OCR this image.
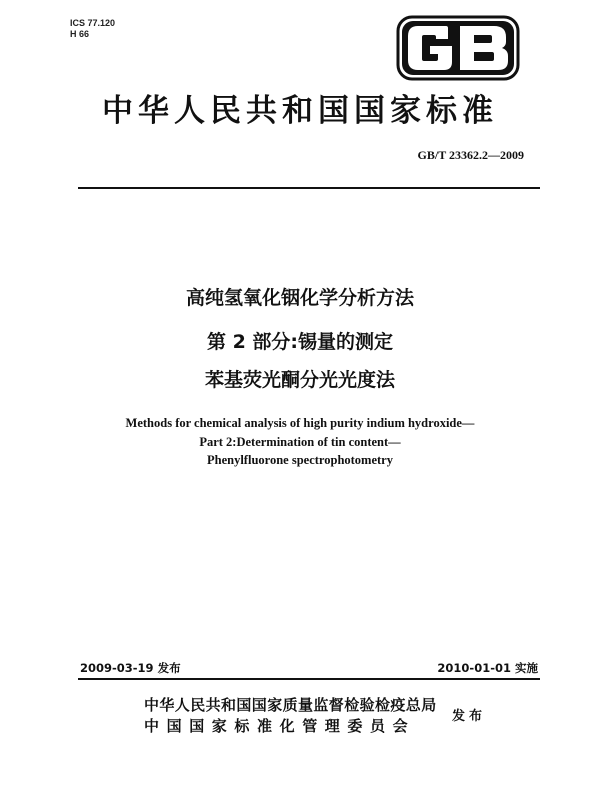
ICS 77.120
H 66
中华人民共和国国家标准
GB/T 23362.2—2009
高纯氢氧化铟化学分析方法
第 2 部分:锡量的测定
苯基荧光酮分光光度法
Methods for chemical analysis of high purity indium hydroxide—
Part 2:Determination of tin content—
Phenylfluorone spectrophotometry
2009-03-19 发布	2010-01-01 实施
中华人民共和国国家质量监督检验检疫总局
中国国家标准化管理委员会
发布
